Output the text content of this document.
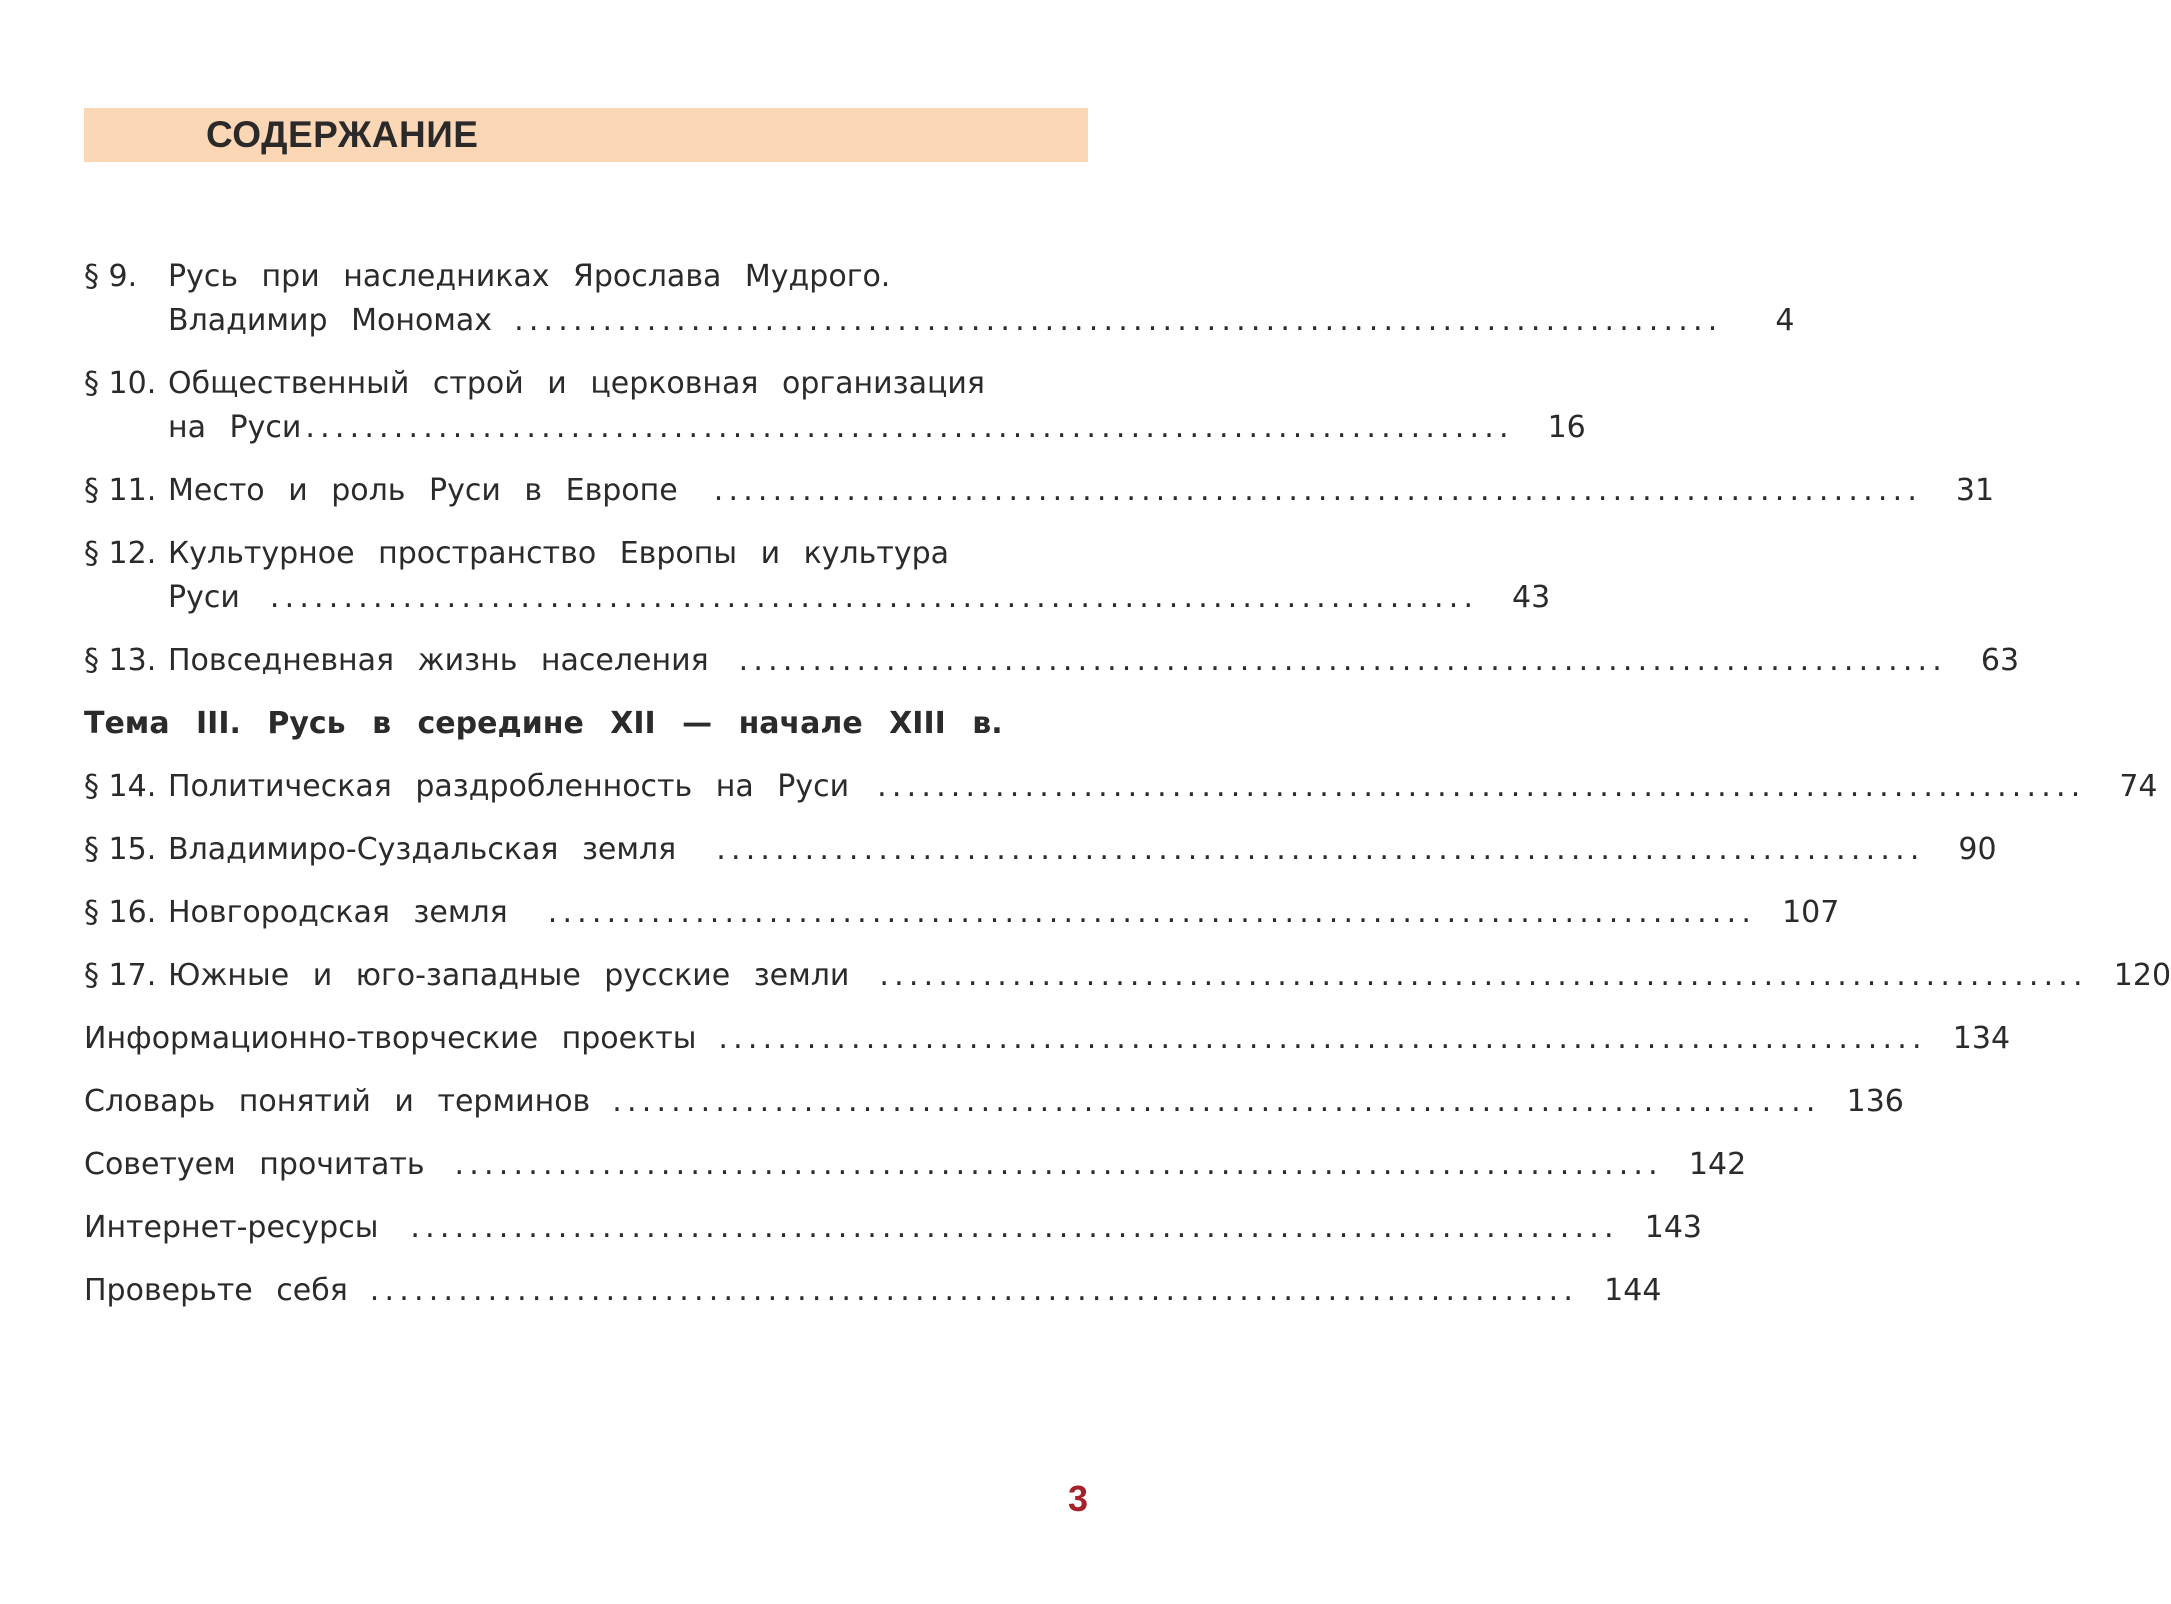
СОДЕРЖАНИЕ
§ 9.	Русь при наследниках Ярослава Мудрого.
Владимир Мономах ..................................................................................	4
§ 10. Общественный строй и церковная организация
на Руси .................................................................................. 16
§ 11. Место и роль Руси в Европе .................................................................................. 31
§ 12. Культурное пространство Европы и культура
Руси .................................................................................. 43
§ 13. Повседневная жизнь населения .................................................................................. 63
Тема III. Русь в середине XII — начале XIII в.
§ 14. Политическая раздробленность на Руси .................................................................................. 74
§ 15. Владимиро-Суздальская земля .................................................................................. 90
§ 16. Новгородская земля .................................................................................. 107
§ 17. Южные и юго-западные русские земли .................................................................................. 120
Информационно-творческие проекты .................................................................................. 134
Словарь понятий и терминов .................................................................................. 136
Советуем прочитать .................................................................................. 142
Интернет-ресурсы .................................................................................. 143
Проверьте себя .................................................................................. 144
3
